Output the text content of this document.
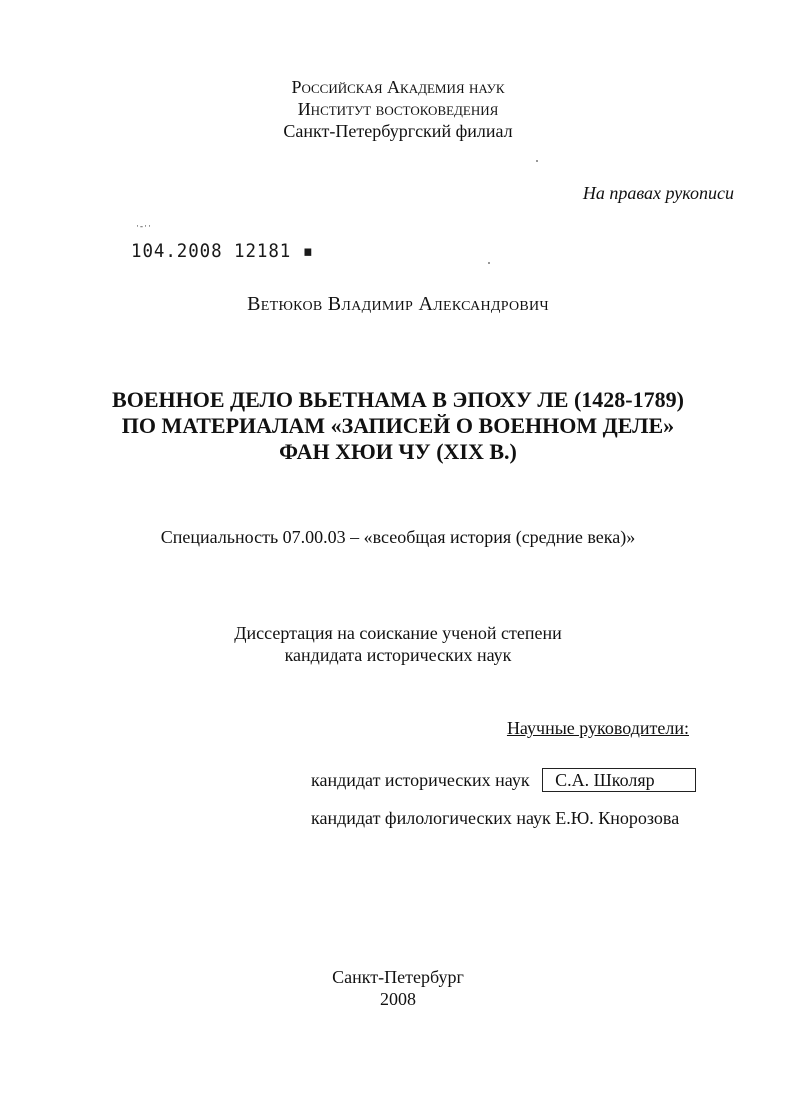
Российская Академия наук
Институт востоковедения
Санкт-Петербургский филиал
На правах рукописи
·-··
104.2008 12181 ▪
Ветюков Владимир Александрович
ВОЕННОЕ ДЕЛО ВЬЕТНАМА В ЭПОХУ ЛЕ (1428-1789)
ПО МАТЕРИАЛАМ «ЗАПИСЕЙ О ВОЕННОМ ДЕЛЕ»
ФАН ХЮИ ЧУ (XIX В.)
Специальность 07.00.03 – «всеобщая история (средние века)»
Диссертация на соискание ученой степени
кандидата исторических наук
Научные руководители:
кандидат исторических наук С.А. Школяр
кандидат филологических наук Е.Ю. Кнорозова
Санкт-Петербург
2008
